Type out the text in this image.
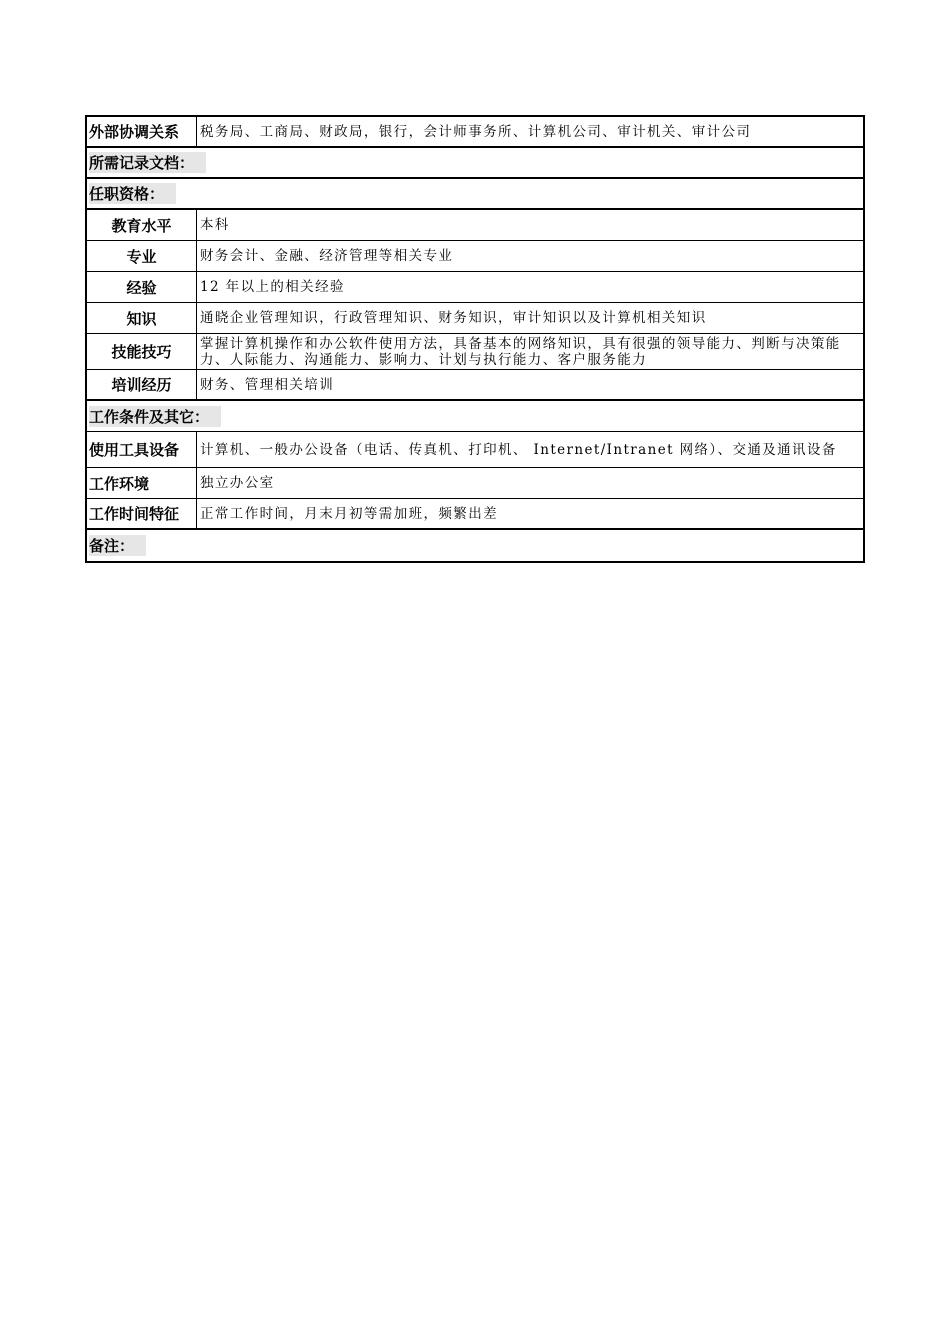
外部协调关系	税务局、工商局、财政局，银行，会计师事务所、计算机公司、审计机关、审计公司
所需记录文档：
任职资格：
教育水平	本科
专业	财务会计、金融、经济管理等相关专业
经验	12 年以上的相关经验
知识	通晓企业管理知识，行政管理知识、财务知识，审计知识以及计算机相关知识
技能技巧	掌握计算机操作和办公软件使用方法，具备基本的网络知识，具有很强的领导能力、判断与决策能力、人际能力、沟通能力、影响力、计划与执行能力、客户服务能力
培训经历	财务、管理相关培训
工作条件及其它：
使用工具设备	计算机、一般办公设备（电话、传真机、打印机、 Internet/Intranet 网络）、交通及通讯设备
工作环境	独立办公室
工作时间特征	正常工作时间，月末月初等需加班，频繁出差
备注：
